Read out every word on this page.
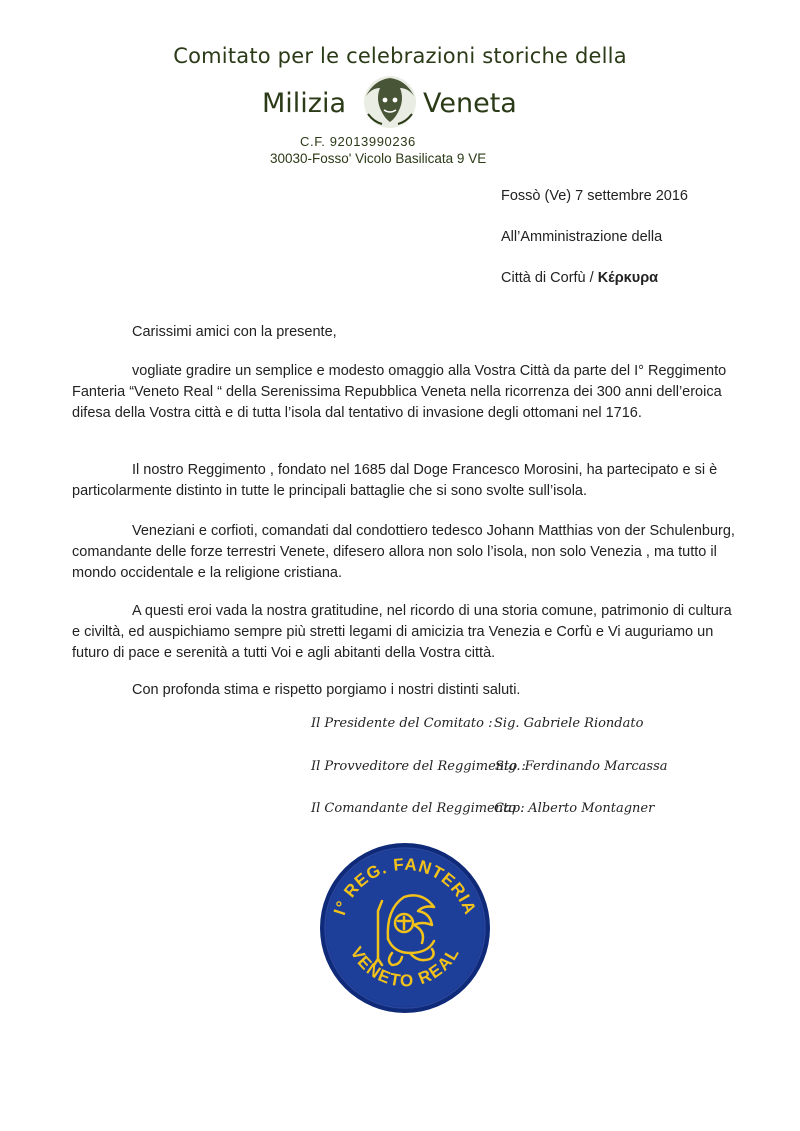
Comitato per le celebrazioni storiche della
Milizia	Veneta
C.F. 92013990236
30030-Fosso' Vicolo Basilicata 9 VE
Fossò (Ve) 7 settembre 2016
All’Amministrazione della
Città di Corfù / Κέρκυρα
Carissimi amici con la presente,
vogliate gradire un semplice e modesto omaggio alla Vostra Città da parte del I° Reggimento Fanteria “Veneto Real “ della Serenissima Repubblica Veneta nella ricorrenza dei 300 anni dell’eroica difesa della Vostra città e di tutta l’isola dal tentativo di invasione degli ottomani nel 1716.
Il nostro Reggimento , fondato nel 1685 dal Doge Francesco Morosini, ha partecipato e si è particolarmente distinto in tutte le principali battaglie che si sono svolte sull’isola.
Veneziani e corfioti, comandati dal condottiero tedesco Johann Matthias von der Schulenburg, comandante delle forze terrestri Venete, difesero allora non solo l’isola, non solo Venezia , ma tutto il mondo occidentale e la religione cristiana.
A questi eroi vada la nostra gratitudine, nel ricordo di una storia comune, patrimonio di cultura e civiltà, ed auspichiamo sempre più stretti legami di amicizia tra Venezia e Corfù e Vi auguriamo un futuro di pace e serenità a tutti Voi e agli abitanti della Vostra città.
Con profonda stima e rispetto porgiamo i nostri distinti saluti.
Il Presidente del Comitato : Sig. Gabriele Riondato
Il Provveditore del Reggimento :
Sig. Ferdinando Marcassa
Il Comandante del Reggimento :
Cap. Alberto Montagner
I° REG. FANTERIA
VENETO REAL
